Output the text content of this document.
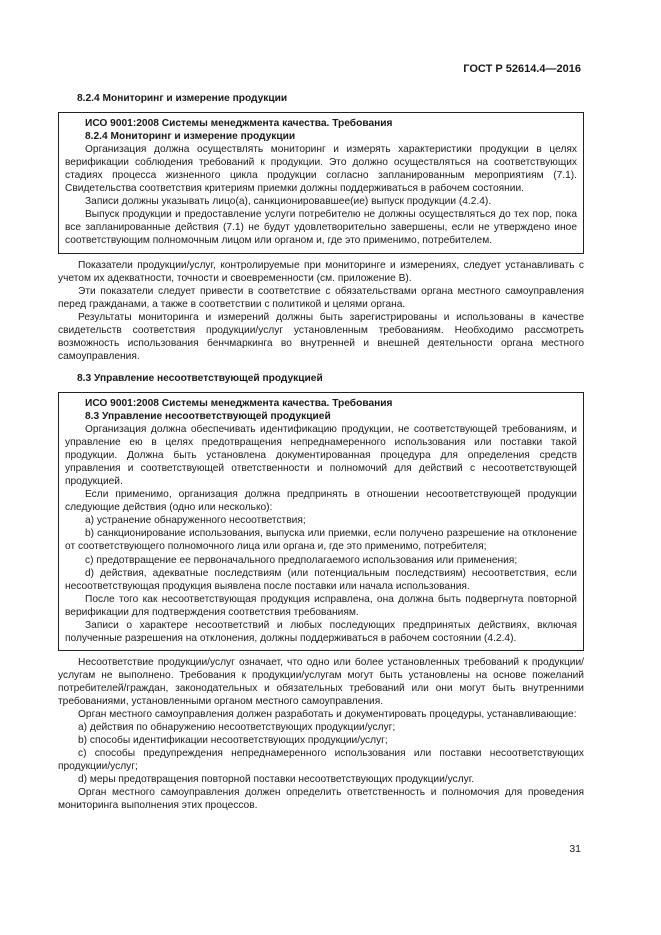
ГОСТ Р 52614.4—2016
8.2.4 Мониторинг и измерение продукции
ИСО 9001:2008 Системы менеджмента качества. Требования
8.2.4 Мониторинг и измерение продукции

Организация должна осуществлять мониторинг и измерять характеристики продукции в целях верификации соблюдения требований к продукции. Это должно осуществляться на соответствующих стадиях процесса жизненного цикла продукции согласно запланированным мероприятиям (7.1). Свидетельства соответствия критериям приемки должны поддерживаться в рабочем состоянии.

Записи должны указывать лицо(а), санкционировавшее(ие) выпуск продукции (4.2.4).

Выпуск продукции и предоставление услуги потребителю не должны осуществляться до тех пор, пока все запланированные действия (7.1) не будут удовлетворительно завершены, если не утверждено иное соответствующим полномочным лицом или органом и, где это применимо, потребителем.

Показатели продукции/услуг, контролируемые при мониторинге и измерениях, следует устанавливать с учетом их адекватности, точности и своевременности (см. приложение В).

Эти показатели следует привести в соответствие с обязательствами органа местного самоуправления перед гражданами, а также в соответствии с политикой и целями органа.

Результаты мониторинга и измерений должны быть зарегистрированы и использованы в качестве свидетельств соответствия продукции/услуг установленным требованиям. Необходимо рассмотреть возможность использования бенчмаркинга во внутренней и внешней деятельности органа местного самоуправления.

8.3 Управление несоответствующей продукцией
ИСО 9001:2008 Системы менеджмента качества. Требования
8.3 Управление несоответствующей продукцией

Организация должна обеспечивать идентификацию продукции, не соответствующей требованиям, и управление ею в целях предотвращения непреднамеренного использования или поставки такой продукции. Должна быть установлена документированная процедура для определения средств управления и соответствующей ответственности и полномочий для действий с несоответствующей продукцией.

Если применимо, организация должна предпринять в отношении несоответствующей продукции следующие действия (одно или несколько):

а) устранение обнаруженного несоответствия;

b) санкционирование использования, выпуска или приемки, если получено разрешение на отклонение от соответствующего полномочного лица или органа и, где это применимо, потребителя;

c) предотвращение ее первоначального предполагаемого использования или применения;

d) действия, адекватные последствиям (или потенциальным последствиям) несоответствия, если несоответствующая продукция выявлена после поставки или начала использования.

После того как несоответствующая продукция исправлена, она должна быть подвергнута повторной верификации для подтверждения соответствия требованиям.

Записи о характере несоответствий и любых последующих предпринятых действиях, включая полученные разрешения на отклонения, должны поддерживаться в рабочем состоянии (4.2.4).

Несоответствие продукции/услуг означает, что одно или более установленных требований к продукции/услугам не выполнено. Требования к продукции/услугам могут быть установлены на основе пожеланий потребителей/граждан, законодательных и обязательных требований или они могут быть внутренними требованиями, установленными органом местного самоуправления.

Орган местного самоуправления должен разработать и документировать процедуры, устанавливающие:

а) действия по обнаружению несоответствующих продукции/услуг;

b) способы идентификации несоответствующих продукции/услуг;

c) способы предупреждения непреднамеренного использования или поставки несоответствующих продукции/услуг;

d) меры предотвращения повторной поставки несоответствующих продукции/услуг.

Орган местного самоуправления должен определить ответственность и полномочия для проведения мониторинга выполнения этих процессов.

31
